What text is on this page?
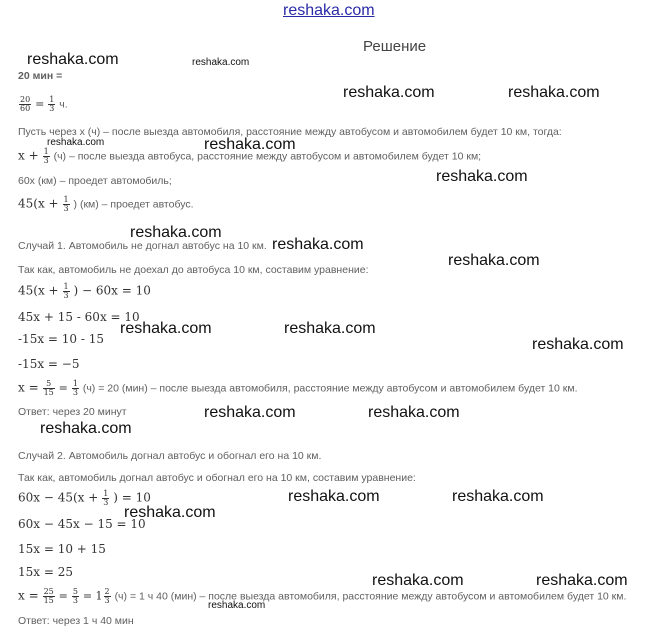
reshaka.com
Решение
20 мин =
$\frac{20}{60} = \frac{1}{3} ч$.
Пусть через x (ч) – после выезда автомобиля, расстояние между автобусом и автомобилем будет 10 км, тогда:
$x + \frac{1}{3} (ч)$ – после выезда автобуса, расстояние между автобусом и автомобилем будет 10 км;
60x (км) – проедет автомобиль;
$45(x + \frac{1}{3}$ ) (км) – проедет автобус.
Случай 1. Автомобиль не догнал автобус на 10 км.
Так как, автомобиль не доехал до автобуса 10 км, составим уравнение:
$45(x + \frac{1}{3}$ ) − 60x = 10
45x + 15 - 60x = 10
-15x = 10 - 15
-15x = −5
$x = \frac{5}{15} = \frac{1}{3} (ч) = 20$ (мин) – после выезда автомобиля, расстояние между автобусом и автомобилем будет 10 км.
Ответ: через 20 минут
Случай 2. Автомобиль догнал автобус и обогнал его на 10 км.
Так как, автомобиль догнал автобус и обогнал его на 10 км, составим уравнение:
$60x - 45(x + \frac{1}{3}$ ) = 10
60x − 45x − 15 = 10
15x = 10 + 15
15x = 25
$x = \frac{25}{15} = \frac{5}{3} = 1 \frac{2}{3} (ч) = 1$ ч 40 (мин) – после выезда автомобиля, расстояние между автобусом и автомобилем будет 10 км.
Ответ: через 1 ч 40 мин
reshaka.com	reshaka.com
reshaka.com	reshaka.com
reshaka.com	reshaka.com
reshaka.com
reshaka.com
reshaka.com
reshaka.com
reshaka.com	reshaka.com
reshaka.com
reshaka.com	reshaka.com
reshaka.com
reshaka.com	reshaka.com
reshaka.com
reshaka.com	reshaka.com
reshaka.com
